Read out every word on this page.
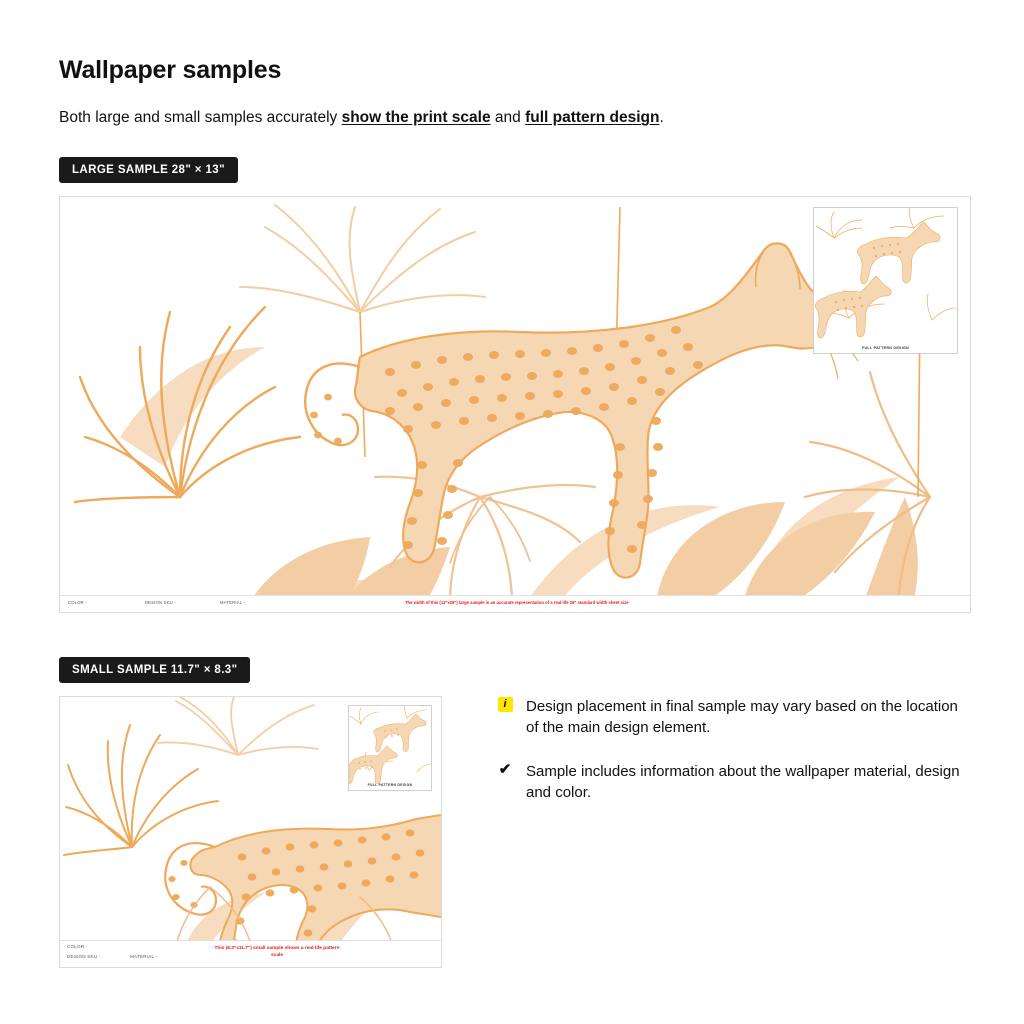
Wallpaper samples
Both large and small samples accurately show the print scale and full pattern design.
LARGE SAMPLE 28" × 13"
FULL PATTERN DESIGN
COLOR -	DESIGN SKU -	MATERIAL -	The width of this (13"x28") large sample is an accurate representation of a real-life 28" standard width sheet size
SMALL SAMPLE 11.7" × 8.3"
FULL PATTERN DESIGN
COLOR -
DESIGN SKU -	MATERIAL -
This (8.3"x11.7") small sample shows a real-life pattern scale
i	Design placement in final sample may vary based on the location of the main design element.
✔ Sample includes information about the wallpaper material, design and color.
